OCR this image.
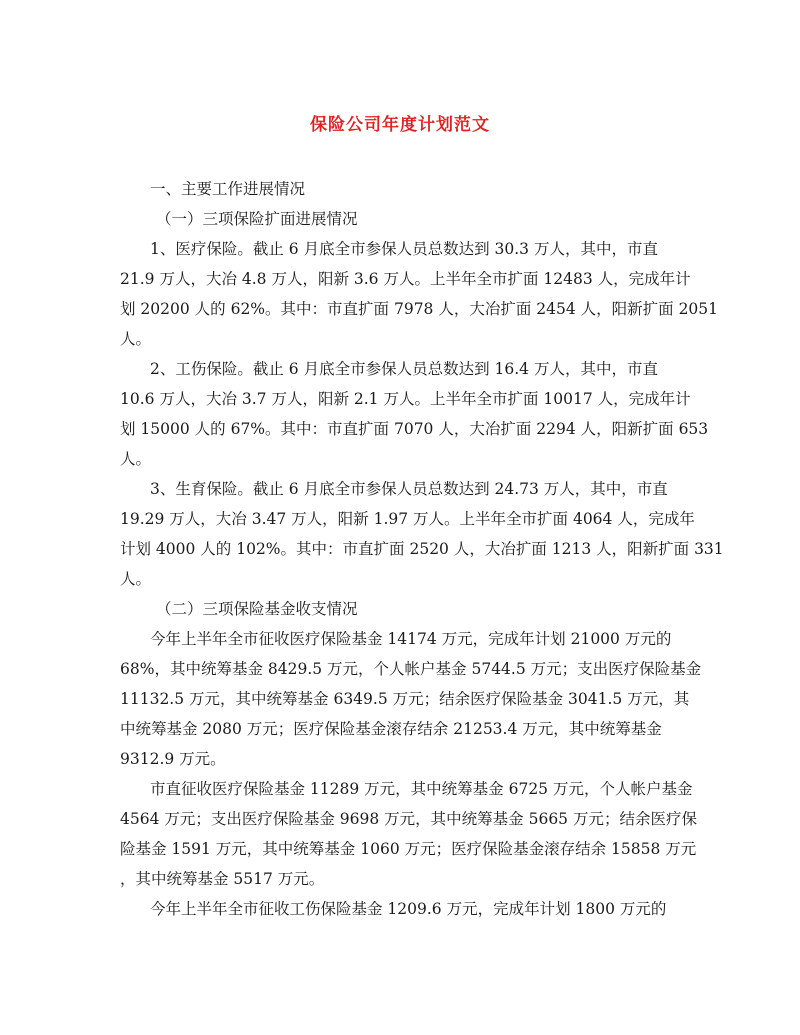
保险公司年度计划范文
一、主要工作进展情况
（一）三项保险扩面进展情况
1、医疗保险。截止 6 月底全市参保人员总数达到 30.3 万人，其中，市直
21.9 万人，大冶 4.8 万人，阳新 3.6 万人。上半年全市扩面 12483 人，完成年计
划 20200 人的 62%。其中：市直扩面 7978 人，大冶扩面 2454 人，阳新扩面 2051
人。
2、工伤保险。截止 6 月底全市参保人员总数达到 16.4 万人，其中，市直
10.6 万人，大冶 3.7 万人，阳新 2.1 万人。上半年全市扩面 10017 人，完成年计
划 15000 人的 67%。其中：市直扩面 7070 人，大冶扩面 2294 人，阳新扩面 653
人。
3、生育保险。截止 6 月底全市参保人员总数达到 24.73 万人，其中，市直
19.29 万人，大冶 3.47 万人，阳新 1.97 万人。上半年全市扩面 4064 人，完成年
计划 4000 人的 102%。其中：市直扩面 2520 人，大冶扩面 1213 人，阳新扩面 331
人。
（二）三项保险基金收支情况
今年上半年全市征收医疗保险基金 14174 万元，完成年计划 21000 万元的
68%，其中统筹基金 8429.5 万元，个人帐户基金 5744.5 万元；支出医疗保险基金
11132.5 万元，其中统筹基金 6349.5 万元；结余医疗保险基金 3041.5 万元，其
中统筹基金 2080 万元；医疗保险基金滚存结余 21253.4 万元，其中统筹基金
9312.9 万元。
市直征收医疗保险基金 11289 万元，其中统筹基金 6725 万元，个人帐户基金
4564 万元；支出医疗保险基金 9698 万元，其中统筹基金 5665 万元；结余医疗保
险基金 1591 万元，其中统筹基金 1060 万元；医疗保险基金滚存结余 15858 万元
，其中统筹基金 5517 万元。
今年上半年全市征收工伤保险基金 1209.6 万元，完成年计划 1800 万元的
